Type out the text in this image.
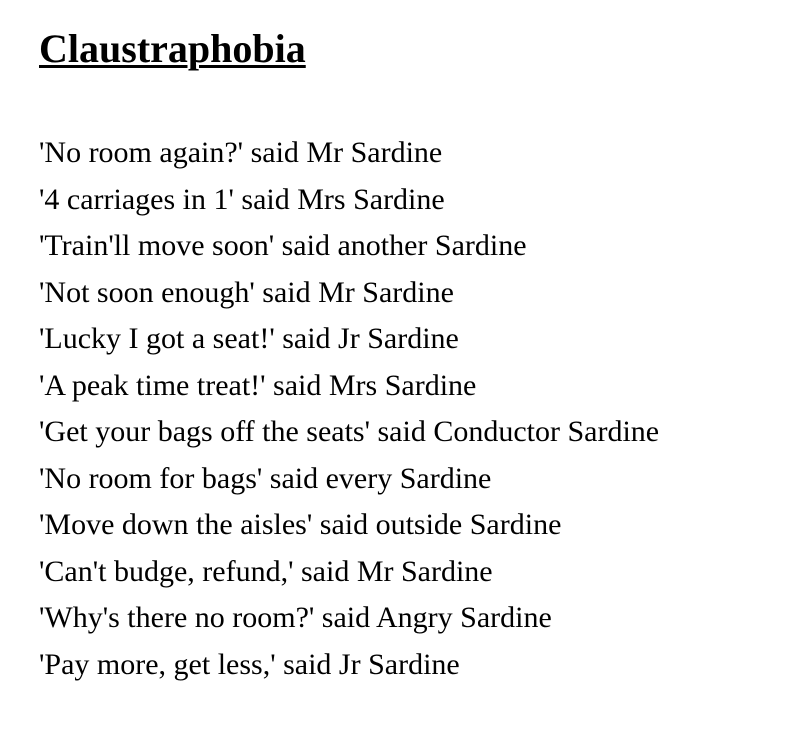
Claustraphobia
'No room again?' said Mr Sardine
'4 carriages in 1' said Mrs Sardine
'Train'll move soon' said another Sardine
'Not soon enough' said Mr Sardine
'Lucky I got a seat!' said Jr Sardine
'A peak time treat!' said Mrs Sardine
'Get your bags off the seats' said Conductor Sardine
'No room for bags' said every Sardine
'Move down the aisles' said outside Sardine
'Can't budge, refund,' said Mr Sardine
'Why's there no room?' said Angry Sardine
'Pay more, get less,' said Jr Sardine
